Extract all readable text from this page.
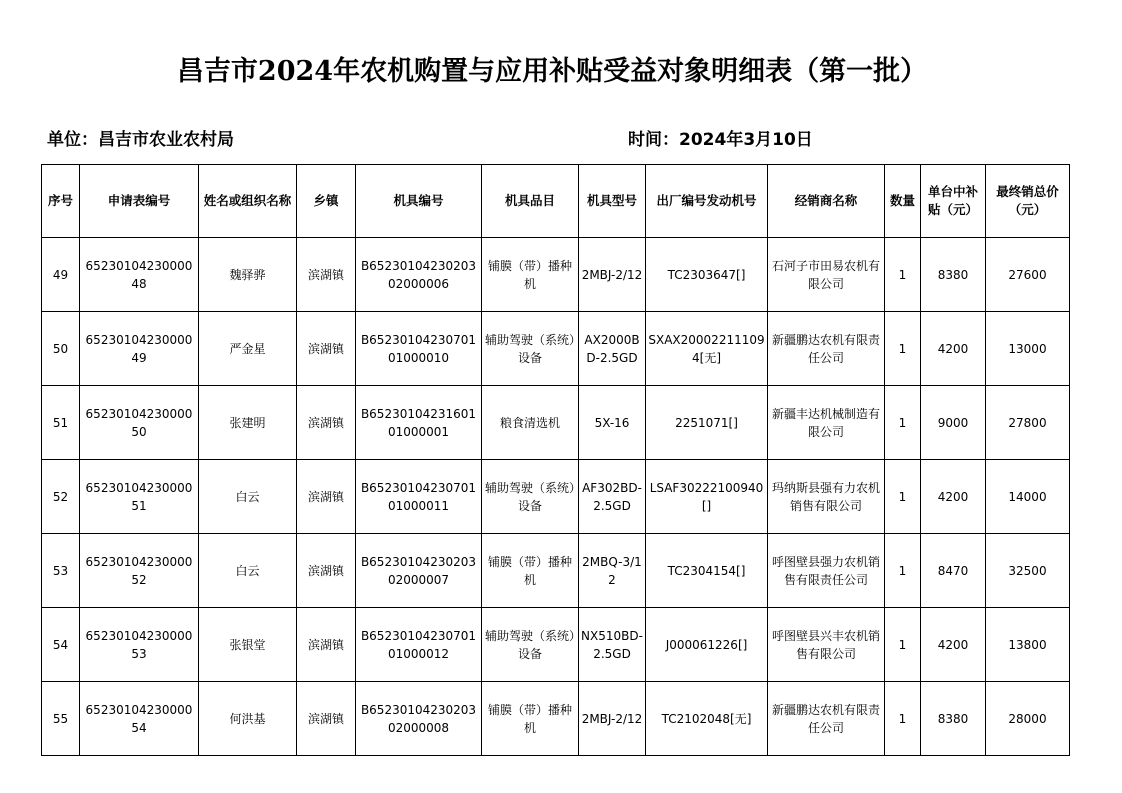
昌吉市2024年农机购置与应用补贴受益对象明细表（第一批）
单位：昌吉市农业农村局	时间：2024年3月10日
序号	申请表编号	姓名或组织名称	乡镇	机具编号	机具品目	机具型号	出厂编号发动机号	经销商名称	数量	单台中补贴（元）	最终销总价（元）
49	6523010423000048	魏驿骅	滨湖镇	B6523010423020302000006	铺膜（带）播种机	2MBJ-2/12	TC2303647[]	石河子市田易农机有限公司	1	8380	27600
50	6523010423000049	严金星	滨湖镇	B6523010423070101000010	辅助驾驶（系统）设备	AX2000BD-2.5GD	SXAX200022111094[无]	新疆鹏达农机有限责任公司	1	4200	13000
51	6523010423000050	张建明	滨湖镇	B6523010423160101000001	粮食清选机	5X-16	2251071[]	新疆丰达机械制造有限公司	1	9000	27800
52	6523010423000051	白云	滨湖镇	B6523010423070101000011	辅助驾驶（系统）设备	AF302BD-2.5GD	LSAF30222100940[]	玛纳斯县强有力农机销售有限公司	1	4200	14000
53	6523010423000052	白云	滨湖镇	B6523010423020302000007	铺膜（带）播种机	2MBQ-3/12	TC2304154[]	呼图壁县强力农机销售有限责任公司	1	8470	32500
54	6523010423000053	张银堂	滨湖镇	B6523010423070101000012	辅助驾驶（系统）设备	NX510BD-2.5GD	J000061226[]	呼图壁县兴丰农机销售有限公司	1	4200	13800
55	6523010423000054	何洪基	滨湖镇	B6523010423020302000008	铺膜（带）播种机	2MBJ-2/12	TC2102048[无]	新疆鹏达农机有限责任公司	1	8380	28000
